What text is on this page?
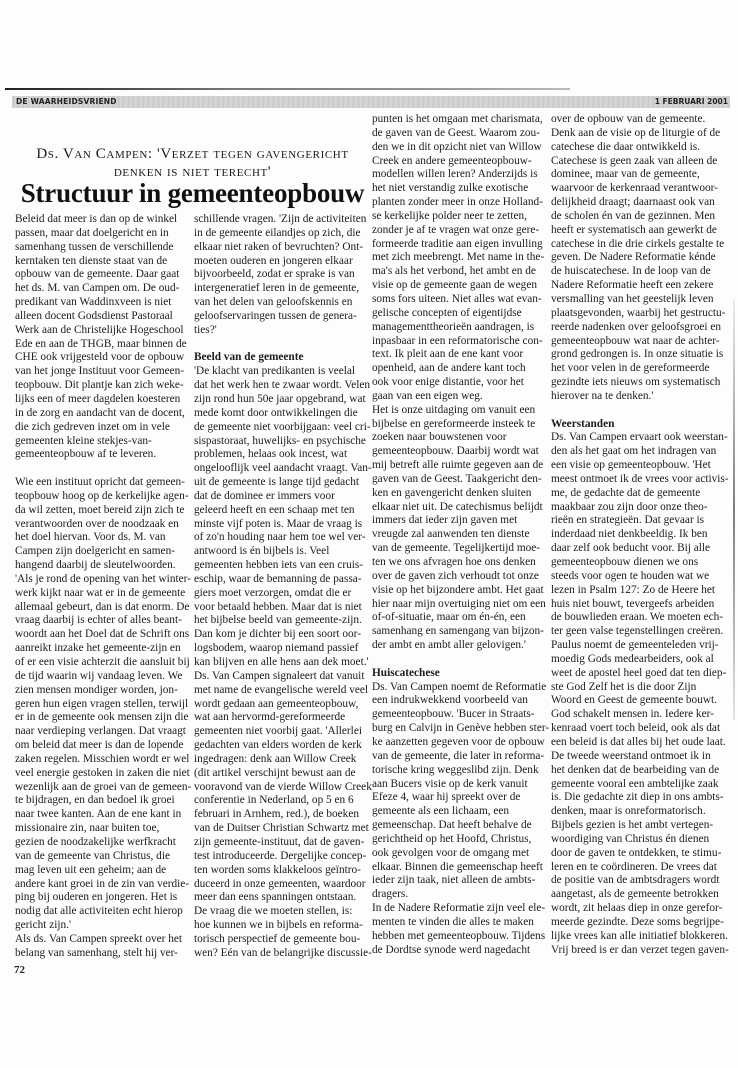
DE WAARHEIDSVRIEND	1 FEBRUARI 2001
Ds. Van Campen: 'Verzet tegen gavengericht
denken is niet terecht'
Structuur in gemeenteopbouw
Beleid dat meer is dan op de winkel
passen, maar dat doelgericht en in
samenhang tussen de verschillende
kerntaken ten dienste staat van de
opbouw van de gemeente. Daar gaat
het ds. M. van Campen om. De oud-
predikant van Waddinxveen is niet
alleen docent Godsdienst Pastoraal
Werk aan de Christelijke Hogeschool
Ede en aan de THGB, maar binnen de
CHE ook vrijgesteld voor de opbouw
van het jonge Instituut voor Gemeen-
teopbouw. Dit plantje kan zich weke-
lijks een of meer dagdelen koesteren
in de zorg en aandacht van de docent,
die zich gedreven inzet om in vele
gemeenten kleine stekjes-van-
gemeenteopbouw af te leveren.
Wie een instituut opricht dat gemeen-
teopbouw hoog op de kerkelijke agen-
da wil zetten, moet bereid zijn zich te
verantwoorden over de noodzaak en
het doel hiervan. Voor ds. M. van
Campen zijn doelgericht en samen-
hangend daarbij de sleutelwoorden.
'Als je rond de opening van het winter-
werk kijkt naar wat er in de gemeente
allemaal gebeurt, dan is dat enorm. De
vraag daarbij is echter of alles beant-
woordt aan het Doel dat de Schrift ons
aanreikt inzake het gemeente-zijn en
of er een visie achterzit die aansluit bij
de tijd waarin wij vandaag leven. We
zien mensen mondiger worden, jon-
geren hun eigen vragen stellen, terwijl
er in de gemeente ook mensen zijn die
naar verdieping verlangen. Dat vraagt
om beleid dat meer is dan de lopende
zaken regelen. Misschien wordt er wel
veel energie gestoken in zaken die niet
wezenlijk aan de groei van de gemeen-
te bijdragen, en dan bedoel ik groei
naar twee kanten. Aan de ene kant in
missionaire zin, naar buiten toe,
gezien de noodzakelijke werfkracht
van de gemeente van Christus, die
mag leven uit een geheim; aan de
andere kant groei in de zin van verdie-
ping bij ouderen en jongeren. Het is
nodig dat alle activiteiten echt hierop
gericht zijn.'
Als ds. Van Campen spreekt over het
belang van samenhang, stelt hij ver-
schillende vragen. 'Zijn de activiteiten
in de gemeente eilandjes op zich, die
elkaar niet raken of bevruchten? Ont-
moeten ouderen en jongeren elkaar
bijvoorbeeld, zodat er sprake is van
intergeneratief leren in de gemeente,
van het delen van geloofskennis en
geloofservaringen tussen de genera-
ties?'
Beeld van de gemeente
'De klacht van predikanten is veelal
dat het werk hen te zwaar wordt. Velen
zijn rond hun 50e jaar opgebrand, wat
mede komt door ontwikkelingen die
de gemeente niet voorbijgaan: veel cri-
sispastoraat, huwelijks- en psychische
problemen, helaas ook incest, wat
ongelooflijk veel aandacht vraagt. Van-
uit de gemeente is lange tijd gedacht
dat de dominee er immers voor
geleerd heeft en een schaap met ten
minste vijf poten is. Maar de vraag is
of zo'n houding naar hem toe wel ver-
antwoord is én bijbels is. Veel
gemeenten hebben iets van een cruis-
eschip, waar de bemanning de passa-
giers moet verzorgen, omdat die er
voor betaald hebben. Maar dat is niet
het bijbelse beeld van gemeente-zijn.
Dan kom je dichter bij een soort oor-
logsbodem, waarop niemand passief
kan blijven en alle hens aan dek moet.'
Ds. Van Campen signaleert dat vanuit
met name de evangelische wereld veel
wordt gedaan aan gemeenteopbouw,
wat aan hervormd-gereformeerde
gemeenten niet voorbij gaat. 'Allerlei
gedachten van elders worden de kerk
ingedragen: denk aan Willow Creek
(dit artikel verschijnt bewust aan de
vooravond van de vierde Willow Creek
conferentie in Nederland, op 5 en 6
februari in Arnhem, red.), de boeken
van de Duitser Christian Schwartz met
zijn gemeente-instituut, dat de gaven-
test introduceerde. Dergelijke concep-
ten worden soms klakkeloos geïntro-
duceerd in onze gemeenten, waardoor
meer dan eens spanningen ontstaan.
De vraag die we moeten stellen, is:
hoe kunnen we in bijbels en reforma-
torisch perspectief de gemeente bou-
wen? Eén van de belangrijke discussie-
punten is het omgaan met charismata,
de gaven van de Geest. Waarom zou-
den we in dit opzicht niet van Willow
Creek en andere gemeenteopbouw-
modellen willen leren? Anderzijds is
het niet verstandig zulke exotische
planten zonder meer in onze Holland-
se kerkelijke polder neer te zetten,
zonder je af te vragen wat onze gere-
formeerde traditie aan eigen invulling
met zich meebrengt. Met name in the-
ma's als het verbond, het ambt en de
visie op de gemeente gaan de wegen
soms fors uiteen. Niet alles wat evan-
gelische concepten of eigentijdse
managementtheorieën aandragen, is
inpasbaar in een reformatorische con-
text. Ik pleit aan de ene kant voor
openheid, aan de andere kant toch
ook voor enige distantie, voor het
gaan van een eigen weg.
Het is onze uitdaging om vanuit een
bijbelse en gereformeerde insteek te
zoeken naar bouwstenen voor
gemeenteopbouw. Daarbij wordt wat
mij betreft alle ruimte gegeven aan de
gaven van de Geest. Taakgericht den-
ken en gavengericht denken sluiten
elkaar niet uit. De catechismus belijdt
immers dat ieder zijn gaven met
vreugde zal aanwenden ten dienste
van de gemeente. Tegelijkertijd moe-
ten we ons afvragen hoe ons denken
over de gaven zich verhoudt tot onze
visie op het bijzondere ambt. Het gaat
hier naar mijn overtuiging niet om een
of-of-situatie, maar om én-én, een
samenhang en samengang van bijzon-
der ambt en ambt aller gelovigen.'
Huiscatechese
Ds. Van Campen noemt de Reformatie
een indrukwekkend voorbeeld van
gemeenteopbouw. 'Bucer in Straats-
burg en Calvijn in Genève hebben ster-
ke aanzetten gegeven voor de opbouw
van de gemeente, die later in reforma-
torische kring weggeslibd zijn. Denk
aan Bucers visie op de kerk vanuit
Efeze 4, waar hij spreekt over de
gemeente als een lichaam, een
gemeenschap. Dat heeft behalve de
gerichtheid op het Hoofd, Christus,
ook gevolgen voor de omgang met
elkaar. Binnen die gemeenschap heeft
ieder zijn taak, niet alleen de ambts-
dragers.
In de Nadere Reformatie zijn veel ele-
menten te vinden die alles te maken
hebben met gemeenteopbouw. Tijdens
de Dordtse synode werd nagedacht
over de opbouw van de gemeente.
Denk aan de visie op de liturgie of de
catechese die daar ontwikkeld is.
Catechese is geen zaak van alleen de
dominee, maar van de gemeente,
waarvoor de kerkenraad verantwoor-
delijkheid draagt; daarnaast ook van
de scholen én van de gezinnen. Men
heeft er systematisch aan gewerkt de
catechese in die drie cirkels gestalte te
geven. De Nadere Reformatie kénde
de huiscatechese. In de loop van de
Nadere Reformatie heeft een zekere
versmalling van het geestelijk leven
plaatsgevonden, waarbij het gestructu-
reerde nadenken over geloofsgroei en
gemeenteopbouw wat naar de achter-
grond gedrongen is. In onze situatie is
het voor velen in de gereformeerde
gezindte iets nieuws om systematisch
hierover na te denken.'
Weerstanden
Ds. Van Campen ervaart ook weerstan-
den als het gaat om het indragen van
een visie op gemeenteopbouw. 'Het
meest ontmoet ik de vrees voor activis-
me, de gedachte dat de gemeente
maakbaar zou zijn door onze theo-
rieën en strategieën. Dat gevaar is
inderdaad niet denkbeeldig. Ik ben
daar zelf ook beducht voor. Bij alle
gemeenteopbouw dienen we ons
steeds voor ogen te houden wat we
lezen in Psalm 127: Zo de Heere het
huis niet bouwt, tevergeefs arbeiden
de bouwlieden eraan. We moeten ech-
ter geen valse tegenstellingen creëren.
Paulus noemt de gemeenteleden vrij-
moedig Gods medearbeiders, ook al
weet de apostel heel goed dat ten diep-
ste God Zelf het is die door Zijn
Woord en Geest de gemeente bouwt.
God schakelt mensen in. Iedere ker-
kenraad voert toch beleid, ook als dat
een beleid is dat alles bij het oude laat.
De tweede weerstand ontmoet ik in
het denken dat de bearbeiding van de
gemeente vooral een ambtelijke zaak
is. Die gedachte zit diep in ons ambts-
denken, maar is onreformatorisch.
Bijbels gezien is het ambt vertegen-
woordiging van Christus én dienen
door de gaven te ontdekken, te stimu-
leren en te coördineren. De vrees dat
de positie van de ambtsdragers wordt
aangetast, als de gemeente betrokken
wordt, zit helaas diep in onze gerefor-
meerde gezindte. Deze soms begrijpe-
lijke vrees kan alle initiatief blokkeren.
Vrij breed is er dan verzet tegen gaven-
72
